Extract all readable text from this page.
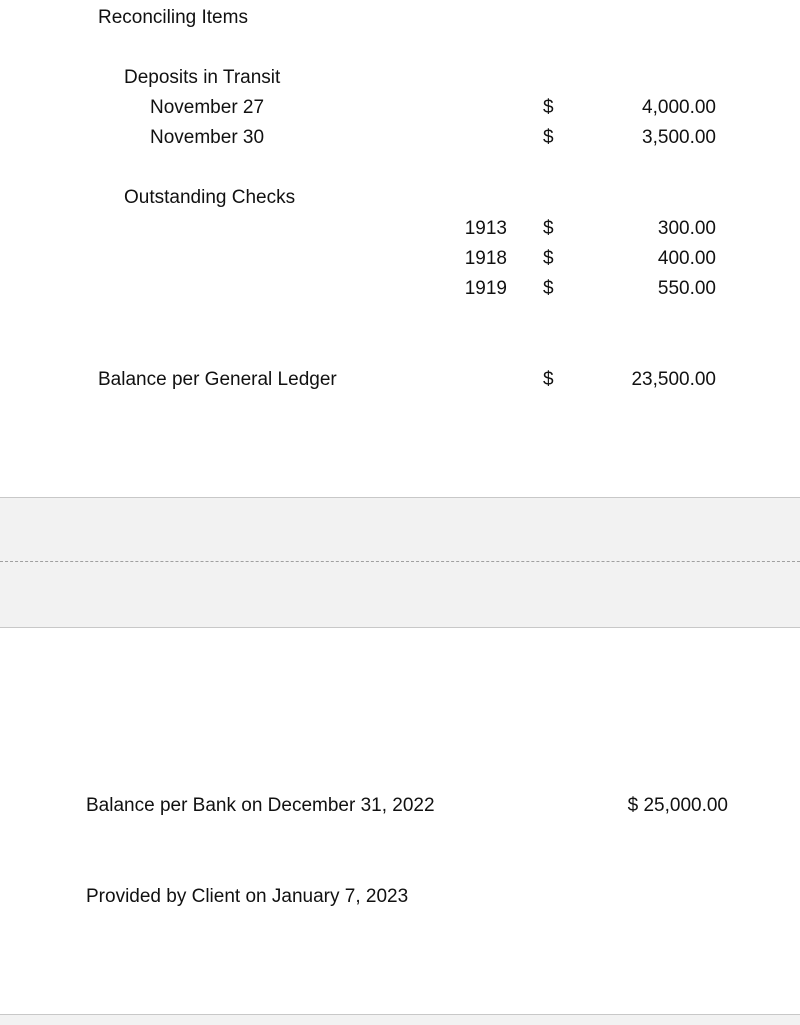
Reconciling Items
Deposits in Transit
November 27	$	4,000.00
November 30	$	3,500.00
Outstanding Checks
1913 $	300.00
1918 $	400.00
1919 $	550.00
Balance per General Ledger	$	23,500.00
Balance per Bank on December 31, 2022	$ 25,000.00
Provided by Client on January 7, 2023
